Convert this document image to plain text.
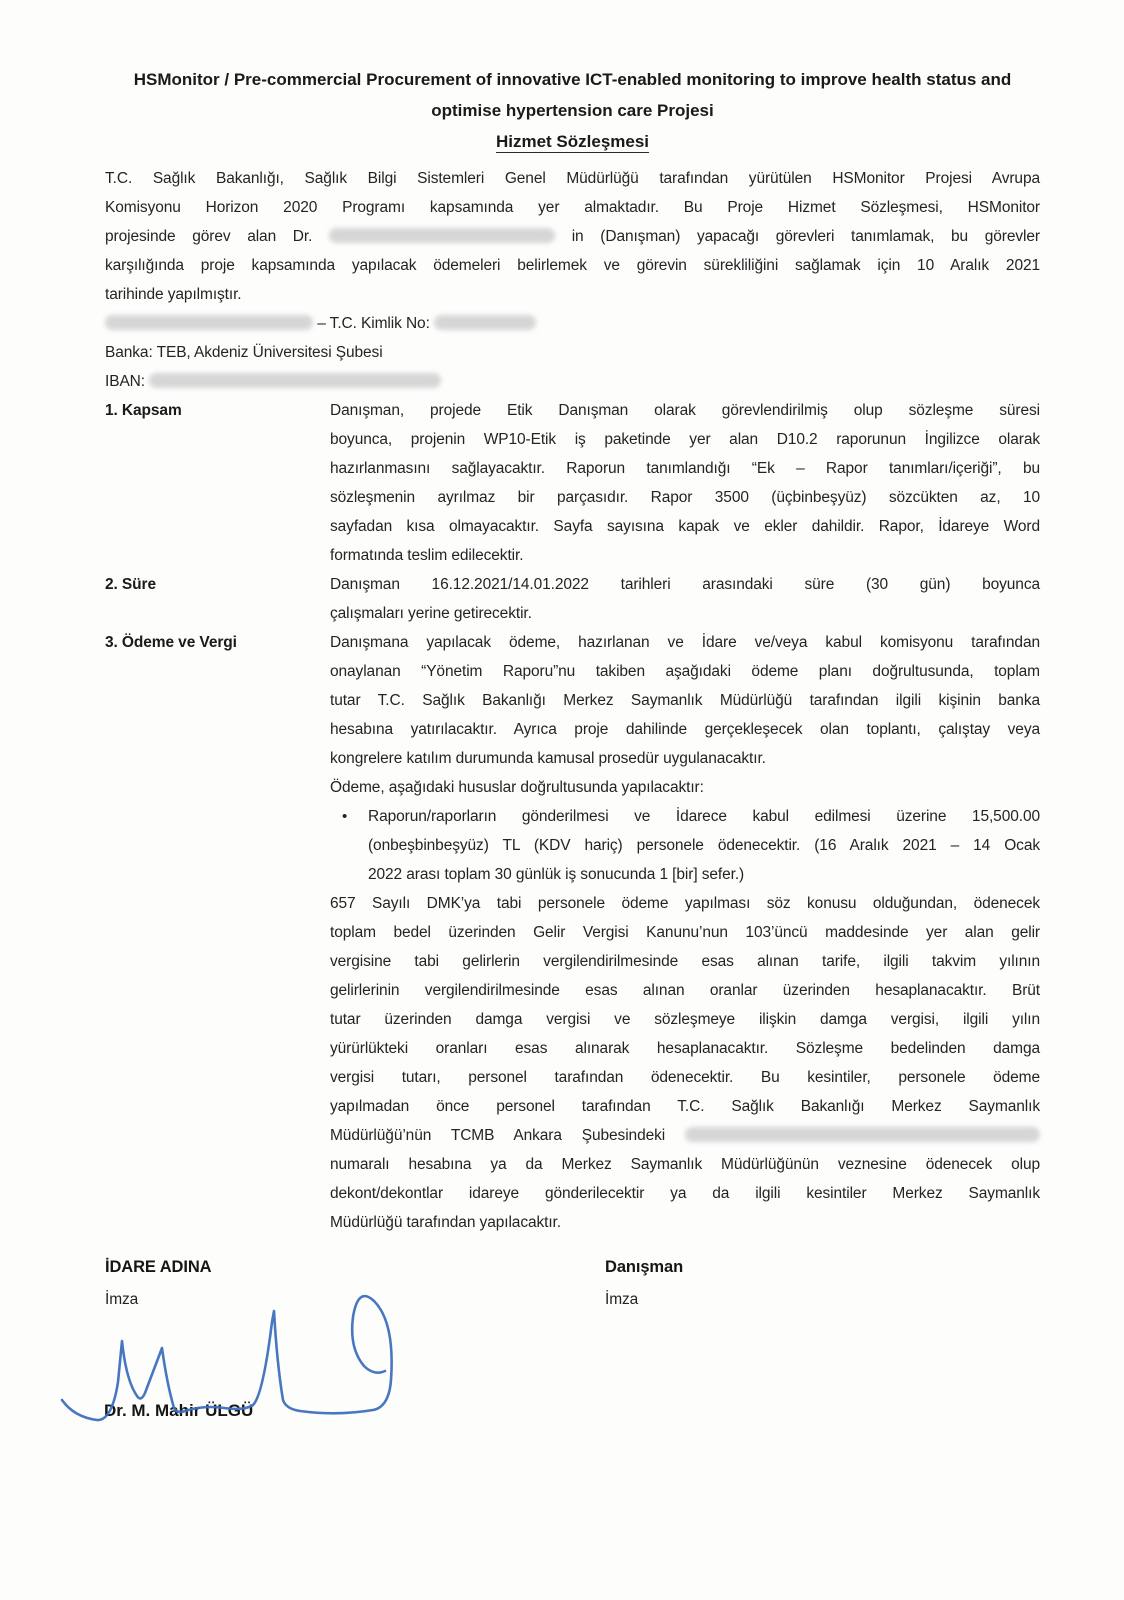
HSMonitor / Pre-commercial Procurement of innovative ICT-enabled monitoring to improve health status and
optimise hypertension care Projesi
Hizmet Sözleşmesi
T.C. Sağlık Bakanlığı, Sağlık Bilgi Sistemleri Genel Müdürlüğü tarafından yürütülen HSMonitor Projesi Avrupa
Komisyonu Horizon 2020 Programı kapsamında yer almaktadır. Bu Proje Hizmet Sözleşmesi, HSMonitor
projesinde görev alan Dr.	in (Danışman) yapacağı görevleri tanımlamak, bu görevler
karşılığında proje kapsamında yapılacak ödemeleri belirlemek ve görevin sürekliliğini sağlamak için 10 Aralık 2021
tarihinde yapılmıştır.
– T.C. Kimlik No:
Banka: TEB, Akdeniz Üniversitesi Şubesi
IBAN:
1. Kapsam	Danışman, projede Etik Danışman olarak görevlendirilmiş olup sözleşme süresi
boyunca, projenin WP10-Etik iş paketinde yer alan D10.2 raporunun İngilizce olarak
hazırlanmasını sağlayacaktır. Raporun tanımlandığı “Ek – Rapor tanımları/içeriği”, bu
sözleşmenin ayrılmaz bir parçasıdır. Rapor 3500 (üçbinbeşyüz) sözcükten az, 10
sayfadan kısa olmayacaktır. Sayfa sayısına kapak ve ekler dahildir. Rapor, İdareye Word
formatında teslim edilecektir.
2. Süre	Danışman 16.12.2021/14.01.2022 tarihleri arasındaki süre (30 gün) boyunca
çalışmaları yerine getirecektir.
3. Ödeme ve Vergi	Danışmana yapılacak ödeme, hazırlanan ve İdare ve/veya kabul komisyonu tarafından
onaylanan “Yönetim Raporu”nu takiben aşağıdaki ödeme planı doğrultusunda, toplam
tutar T.C. Sağlık Bakanlığı Merkez Saymanlık Müdürlüğü tarafından ilgili kişinin banka
hesabına yatırılacaktır. Ayrıca proje dahilinde gerçekleşecek olan toplantı, çalıştay veya
kongrelere katılım durumunda kamusal prosedür uygulanacaktır.
Ödeme, aşağıdaki hususlar doğrultusunda yapılacaktır:
• Raporun/raporların gönderilmesi ve İdarece kabul edilmesi üzerine 15,500.00
(onbeşbinbeşyüz) TL (KDV hariç) personele ödenecektir. (16 Aralık 2021 – 14 Ocak
2022 arası toplam 30 günlük iş sonucunda 1 [bir] sefer.)
657 Sayılı DMK’ya tabi personele ödeme yapılması söz konusu olduğundan, ödenecek
toplam bedel üzerinden Gelir Vergisi Kanunu’nun 103’üncü maddesinde yer alan gelir
vergisine tabi gelirlerin vergilendirilmesinde esas alınan tarife, ilgili takvim yılının
gelirlerinin vergilendirilmesinde esas alınan oranlar üzerinden hesaplanacaktır. Brüt
tutar üzerinden damga vergisi ve sözleşmeye ilişkin damga vergisi, ilgili yılın
yürürlükteki oranları esas alınarak hesaplanacaktır. Sözleşme bedelinden damga
vergisi tutarı, personel tarafından ödenecektir. Bu kesintiler, personele ödeme
yapılmadan önce personel tarafından T.C. Sağlık Bakanlığı Merkez Saymanlık
Müdürlüğü’nün TCMB Ankara Şubesindeki
numaralı hesabına ya da Merkez Saymanlık Müdürlüğünün veznesine ödenecek olup
dekont/dekontlar idareye gönderilecektir ya da ilgili kesintiler Merkez Saymanlık
Müdürlüğü tarafından yapılacaktır.
İDARE ADINA
İmza
Danışman
İmza
Dr. M. Mahir ÜLGÜ
